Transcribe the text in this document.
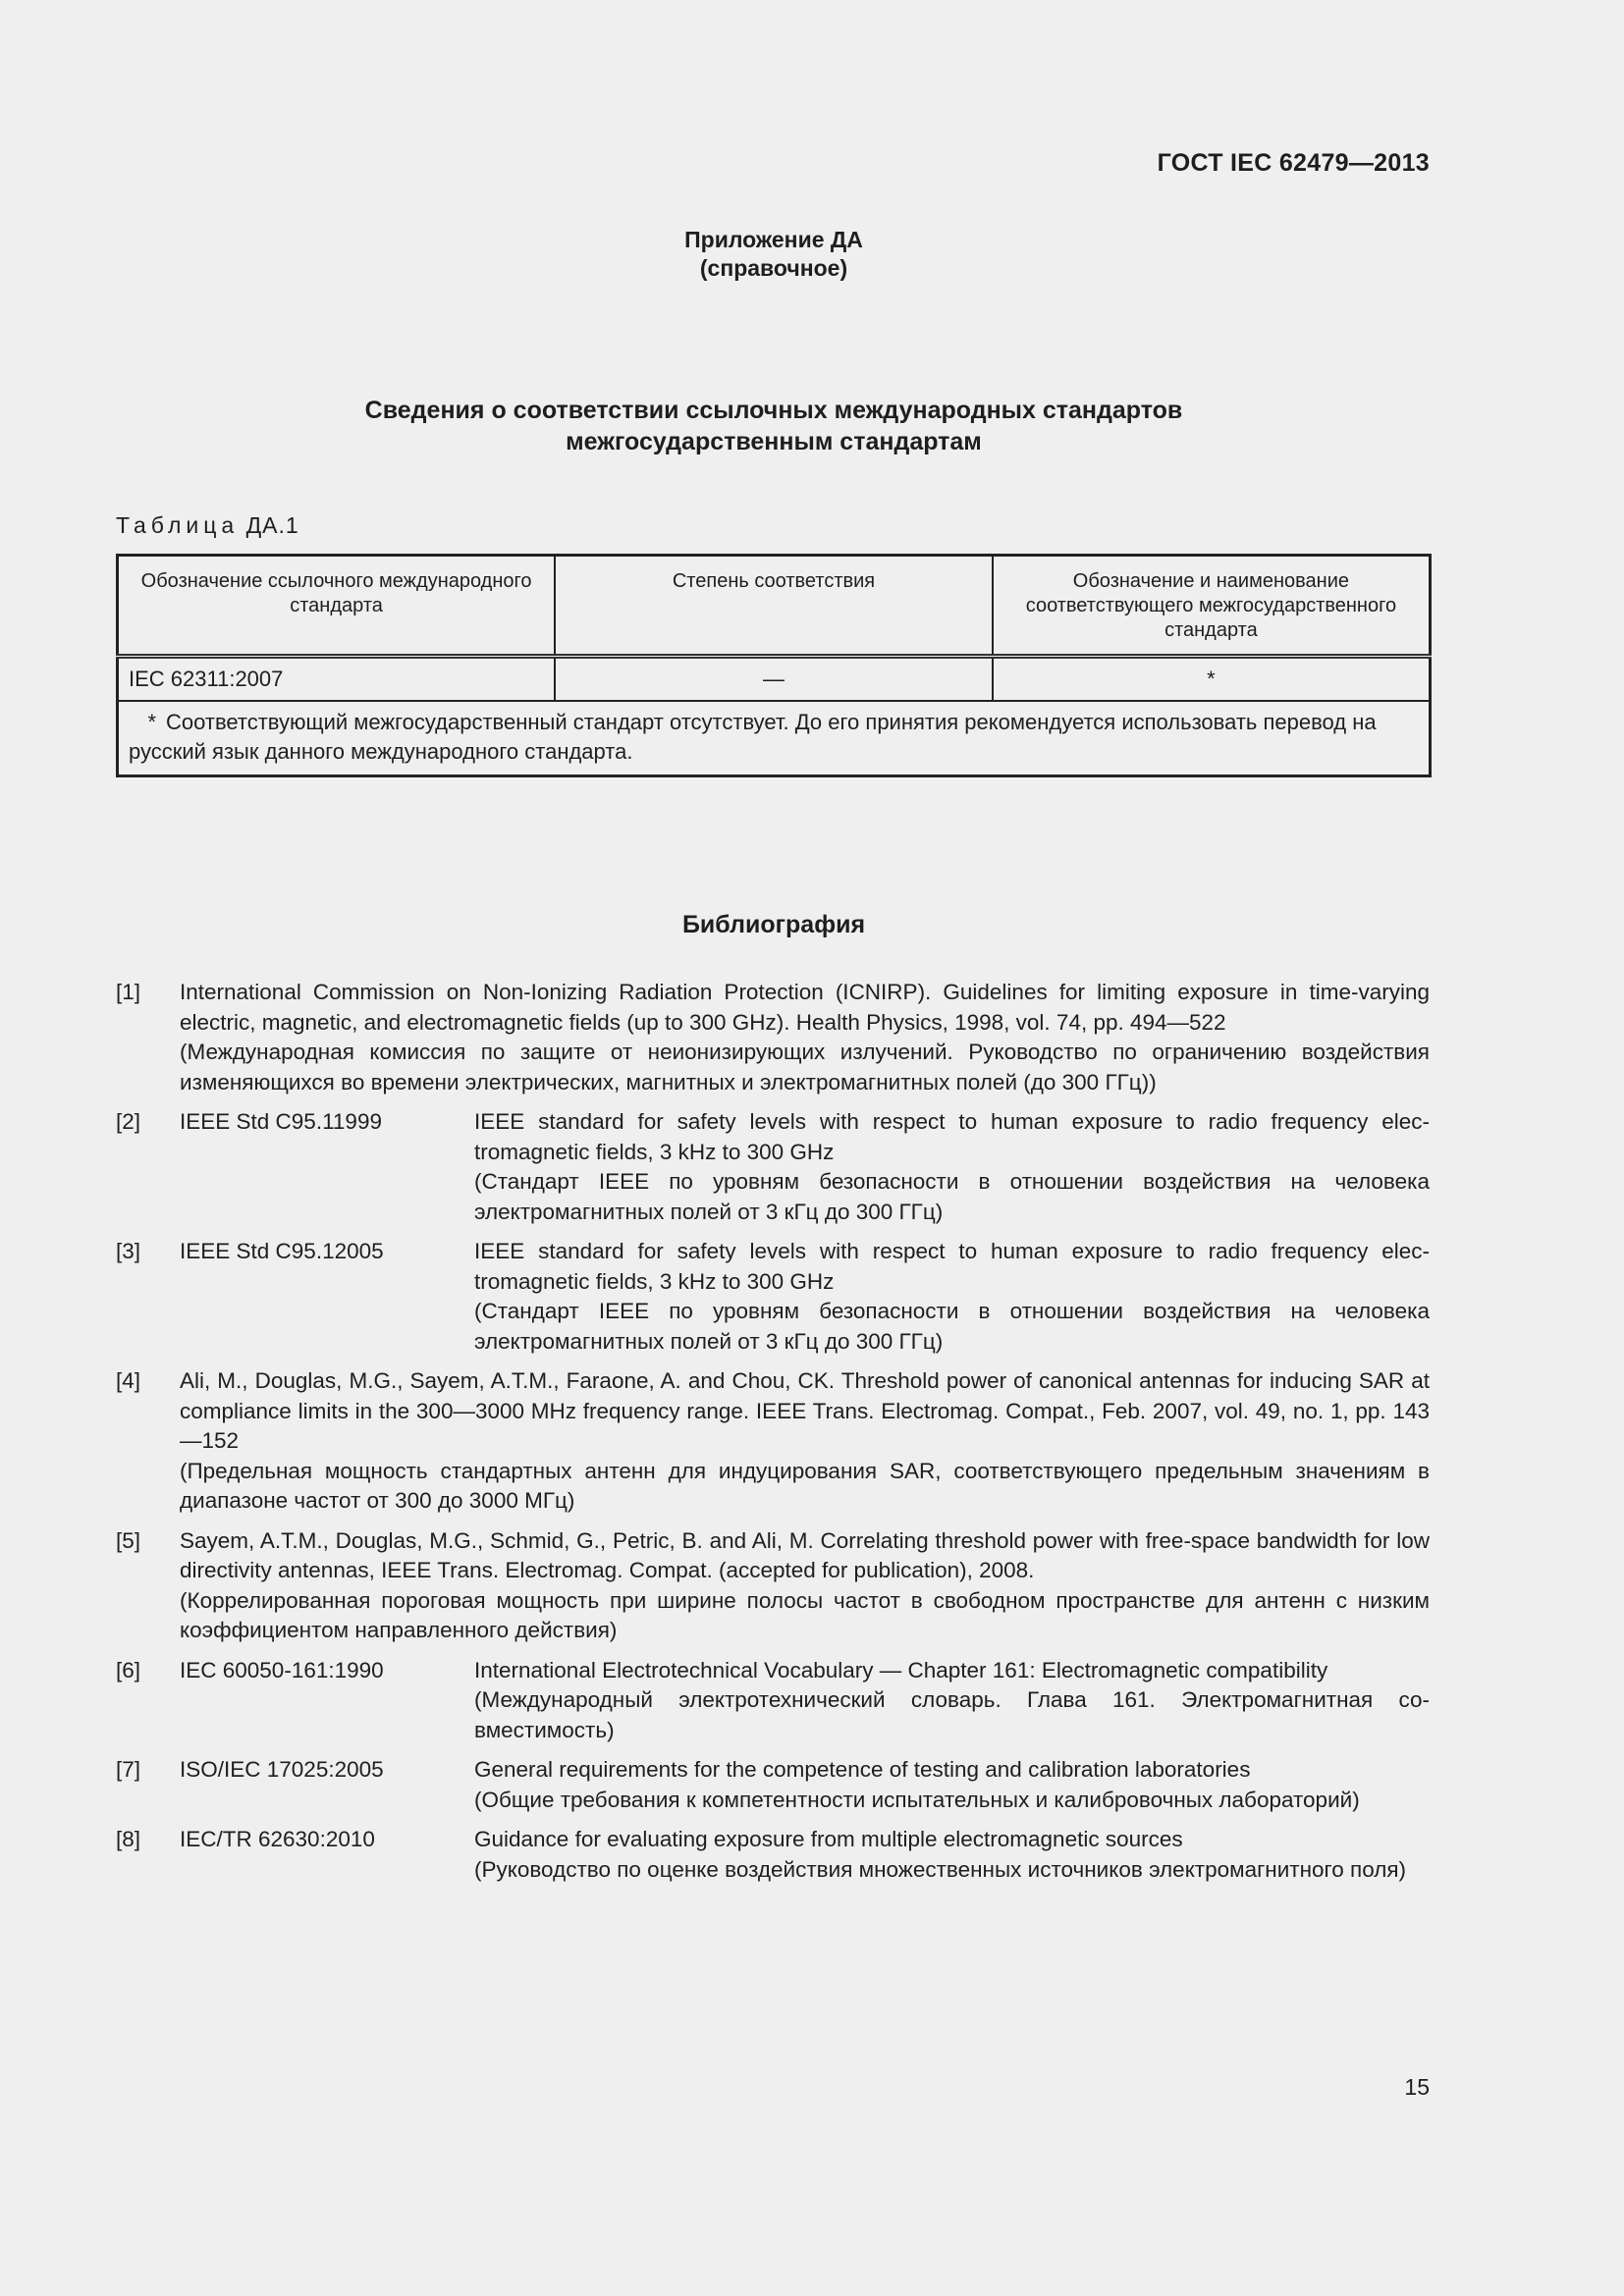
ГОСТ IEC 62479—2013
Приложение ДА
(справочное)
Сведения о соответствии ссылочных международных стандартов
межгосударственным стандартам
Таблица ДА.1
Обозначение ссылочного международного стандарта	Степень соответствия	Обозначение и наименование соответствующего межгосударственного стандарта
IEC 62311:2007	—	*
* Соответствующий межгосударственный стандарт отсутствует. До его принятия рекомендуется использовать перевод на русский язык данного международного стандарта.		
Библиография
[1] International Commission on Non-Ionizing Radiation Protection (ICNIRP). Guidelines for limiting exposure in time-varying electric, magnetic, and electromagnetic fields (up to 300 GHz). Health Physics, 1998, vol. 74, pp. 494—522
(Международная комиссия по защите от неионизирующих излучений. Руководство по ограничению воздействия изменяющихся во времени электрических, магнитных и электромагнитных полей (до 300 ГГц))
[2] IEEE Std C95.11999	IEEE standard for safety levels with respect to human exposure to radio frequency electromagnetic fields, 3 kHz to 300 GHz
(Стандарт IEEE по уровням безопасности в отношении воздействия на человека электромагнитных полей от 3 кГц до 300 ГГц)
[3] IEEE Std C95.12005	IEEE standard for safety levels with respect to human exposure to radio frequency electromagnetic fields, 3 kHz to 300 GHz
(Стандарт IEEE по уровням безопасности в отношении воздействия на человека электромагнитных полей от 3 кГц до 300 ГГц)
[4] Ali, M., Douglas, M.G., Sayem, A.T.M., Faraone, A. and Chou, CK. Threshold power of canonical antennas for inducing SAR at compliance limits in the 300—3000 MHz frequency range. IEEE Trans. Electromag. Compat., Feb. 2007, vol. 49, no. 1, pp. 143—152
(Предельная мощность стандартных антенн для индуцирования SAR, соответствующего предельным значениям в диапазоне частот от 300 до 3000 МГц)
[5] Sayem, A.T.M., Douglas, M.G., Schmid, G., Petric, B. and Ali, M. Correlating threshold power with free-space bandwidth for low directivity antennas, IEEE Trans. Electromag. Compat. (accepted for publication), 2008.
(Коррелированная пороговая мощность при ширине полосы частот в свободном пространстве для антенн с низким коэффициентом направленного действия)
[6] IEC 60050-161:1990	International Electrotechnical Vocabulary — Chapter 161: Electromagnetic compatibility
(Международный электротехнический словарь. Глава 161. Электромагнитная совместимость)
[7] ISO/IEC 17025:2005	General requirements for the competence of testing and calibration laboratories
(Общие требования к компетентности испытательных и калибровочных лабораторий)
[8] IEC/TR 62630:2010	Guidance for evaluating exposure from multiple electromagnetic sources
(Руководство по оценке воздействия множественных источников электромагнитного поля)
15
